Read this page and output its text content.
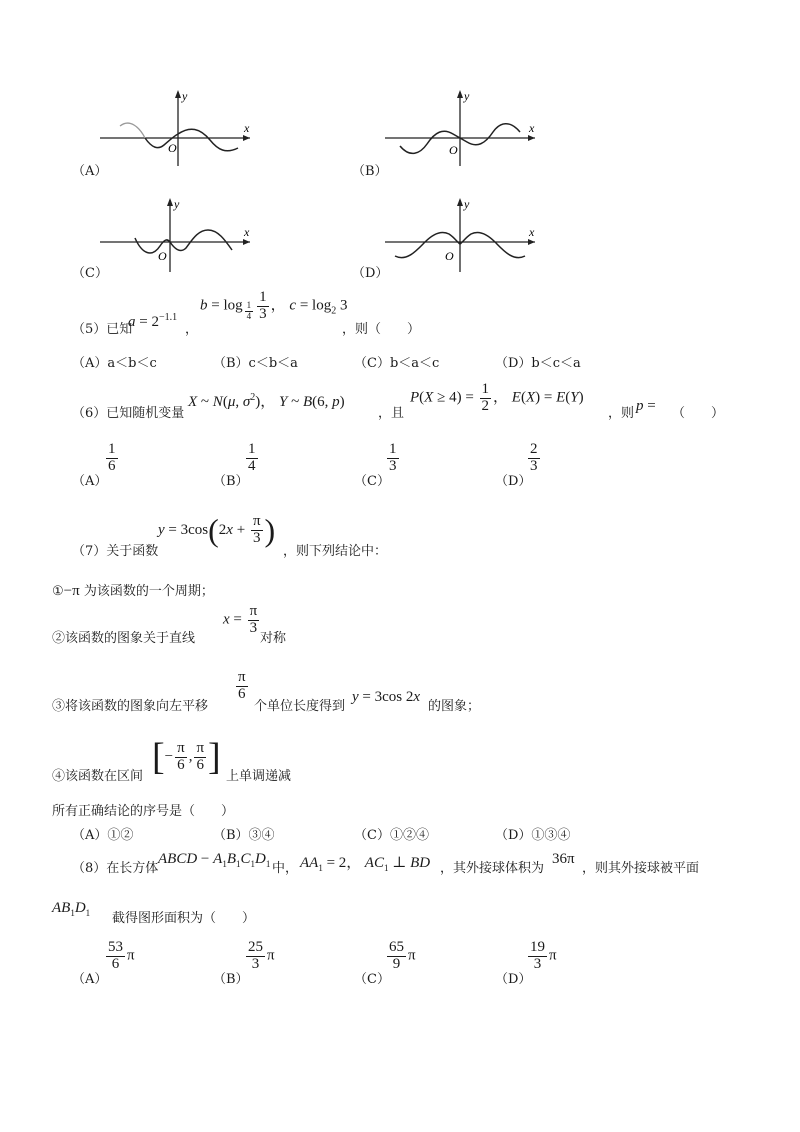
x
y
O
（A）
x
y
O
（B）
x
y
O
（C）
x
y
O
（D）
（5）已知
$a = 2^{-1.1}$
，
$b = \log _{\frac{1}{4}} \frac{1}{3}$ ， $c = \log_2 3$
，则（　　）
（A）a＜b＜c	（B）c＜b＜a	（C）b＜a＜c	（D）b＜c＜a
（6）已知随机变量
X ~ N(μ, $\sigma^2$)， Y ~ B(6, p)
，且
$P(X \ge 4) = \frac{1}{2}$ ， E(X) = E(Y)
，则 p = （　　）
（A）
$\frac{1}{6}$
（B）
$\frac{1}{4}$
（C）
$\frac{1}{3}$
（D）
$\frac{2}{3}$
（7）关于函数
$y = 3\cos(2x + \frac{\pi}{3}$ )
，则下列结论中：
①−π 为该函数的一个周期；
②该函数的图象关于直线
$x = \frac{\pi}{3}$
对称
③将该函数的图象向左平移
$\frac{\pi}{6}$
个单位长度得到
y = 3cos 2x
的图象；
④该函数在区间 [− $\frac{\pi}{6}$ , $\frac{\pi}{6}$ ] 上单调递减
所有正确结论的序号是（　　）
（A）①②	（B）③④	（C）①②④	（D）①③④
（8）在长方体
ABCD − $A_1B_1C_1D_1$ 中， $AA_1 = 2$， $AC_1$ ⊥ BD ，其外接球体积为
36π
，则其外接球被平面
$AB_1D_1$ 截得图形面积为（　　）
（A）
$\frac{53}{6}$ π
（B）
$\frac{25}{3}$ π
（C）
$\frac{65}{9}$ π
（D）
$\frac{19}{3}$ π
